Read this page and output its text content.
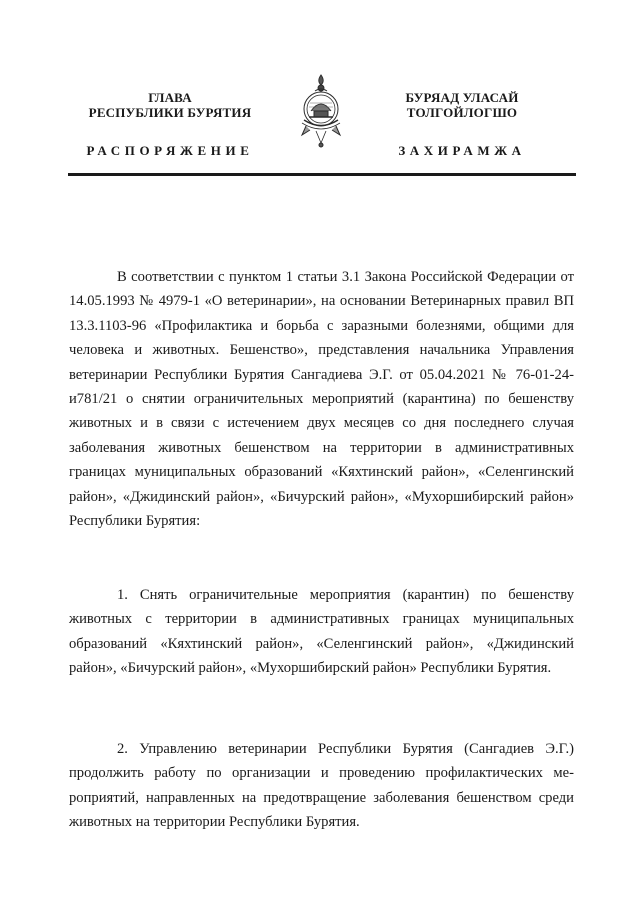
ГЛАВА
РЕСПУБЛИКИ БУРЯТИЯ
РАСПОРЯЖЕНИЕ
БУРЯАД УЛАСАЙ
ТОЛГОЙЛОГШО
ЗАХИРАМЖА

В соответствии с пунктом 1 статьи 3.1 Закона Российской Федерации от 14.05.1993 № 4979-1 «О ветеринарии», на основании Ветеринарных правил ВП 13.3.1103-96 «Профилактика и борьба с заразными болезнями, общими для человека и животных. Бешенство», представления начальника Управления ветеринарии Республики Бурятия Сангадиева Э.Г. от 05.04.2021 № 76-01-24-и781/21 о снятии ограничительных мероприятий (карантина) по бешенству животных и в связи с истечением двух месяцев со дня последнего случая заболевания животных бешенством на территории в административных границах муниципальных образований «Кяхтинский район», «Селенгинский район», «Джидинский район», «Бичурский район», «Мухоршибирский район» Республики Бурятия:

1. Снять ограничительные мероприятия (карантин) по бешенству животных с территории в административных границах муниципальных образований «Кяхтинский район», «Селенгинский район», «Джидинский район», «Бичурский район», «Мухоршибирский район» Республики Бурятия.

2. Управлению ветеринарии Республики Бурятия (Сангадиев Э.Г.) продолжить работу по организации и проведению профилактических мероприятий, направленных на предотвращение заболевания бешенством среди животных на территории Республики Бурятия.
